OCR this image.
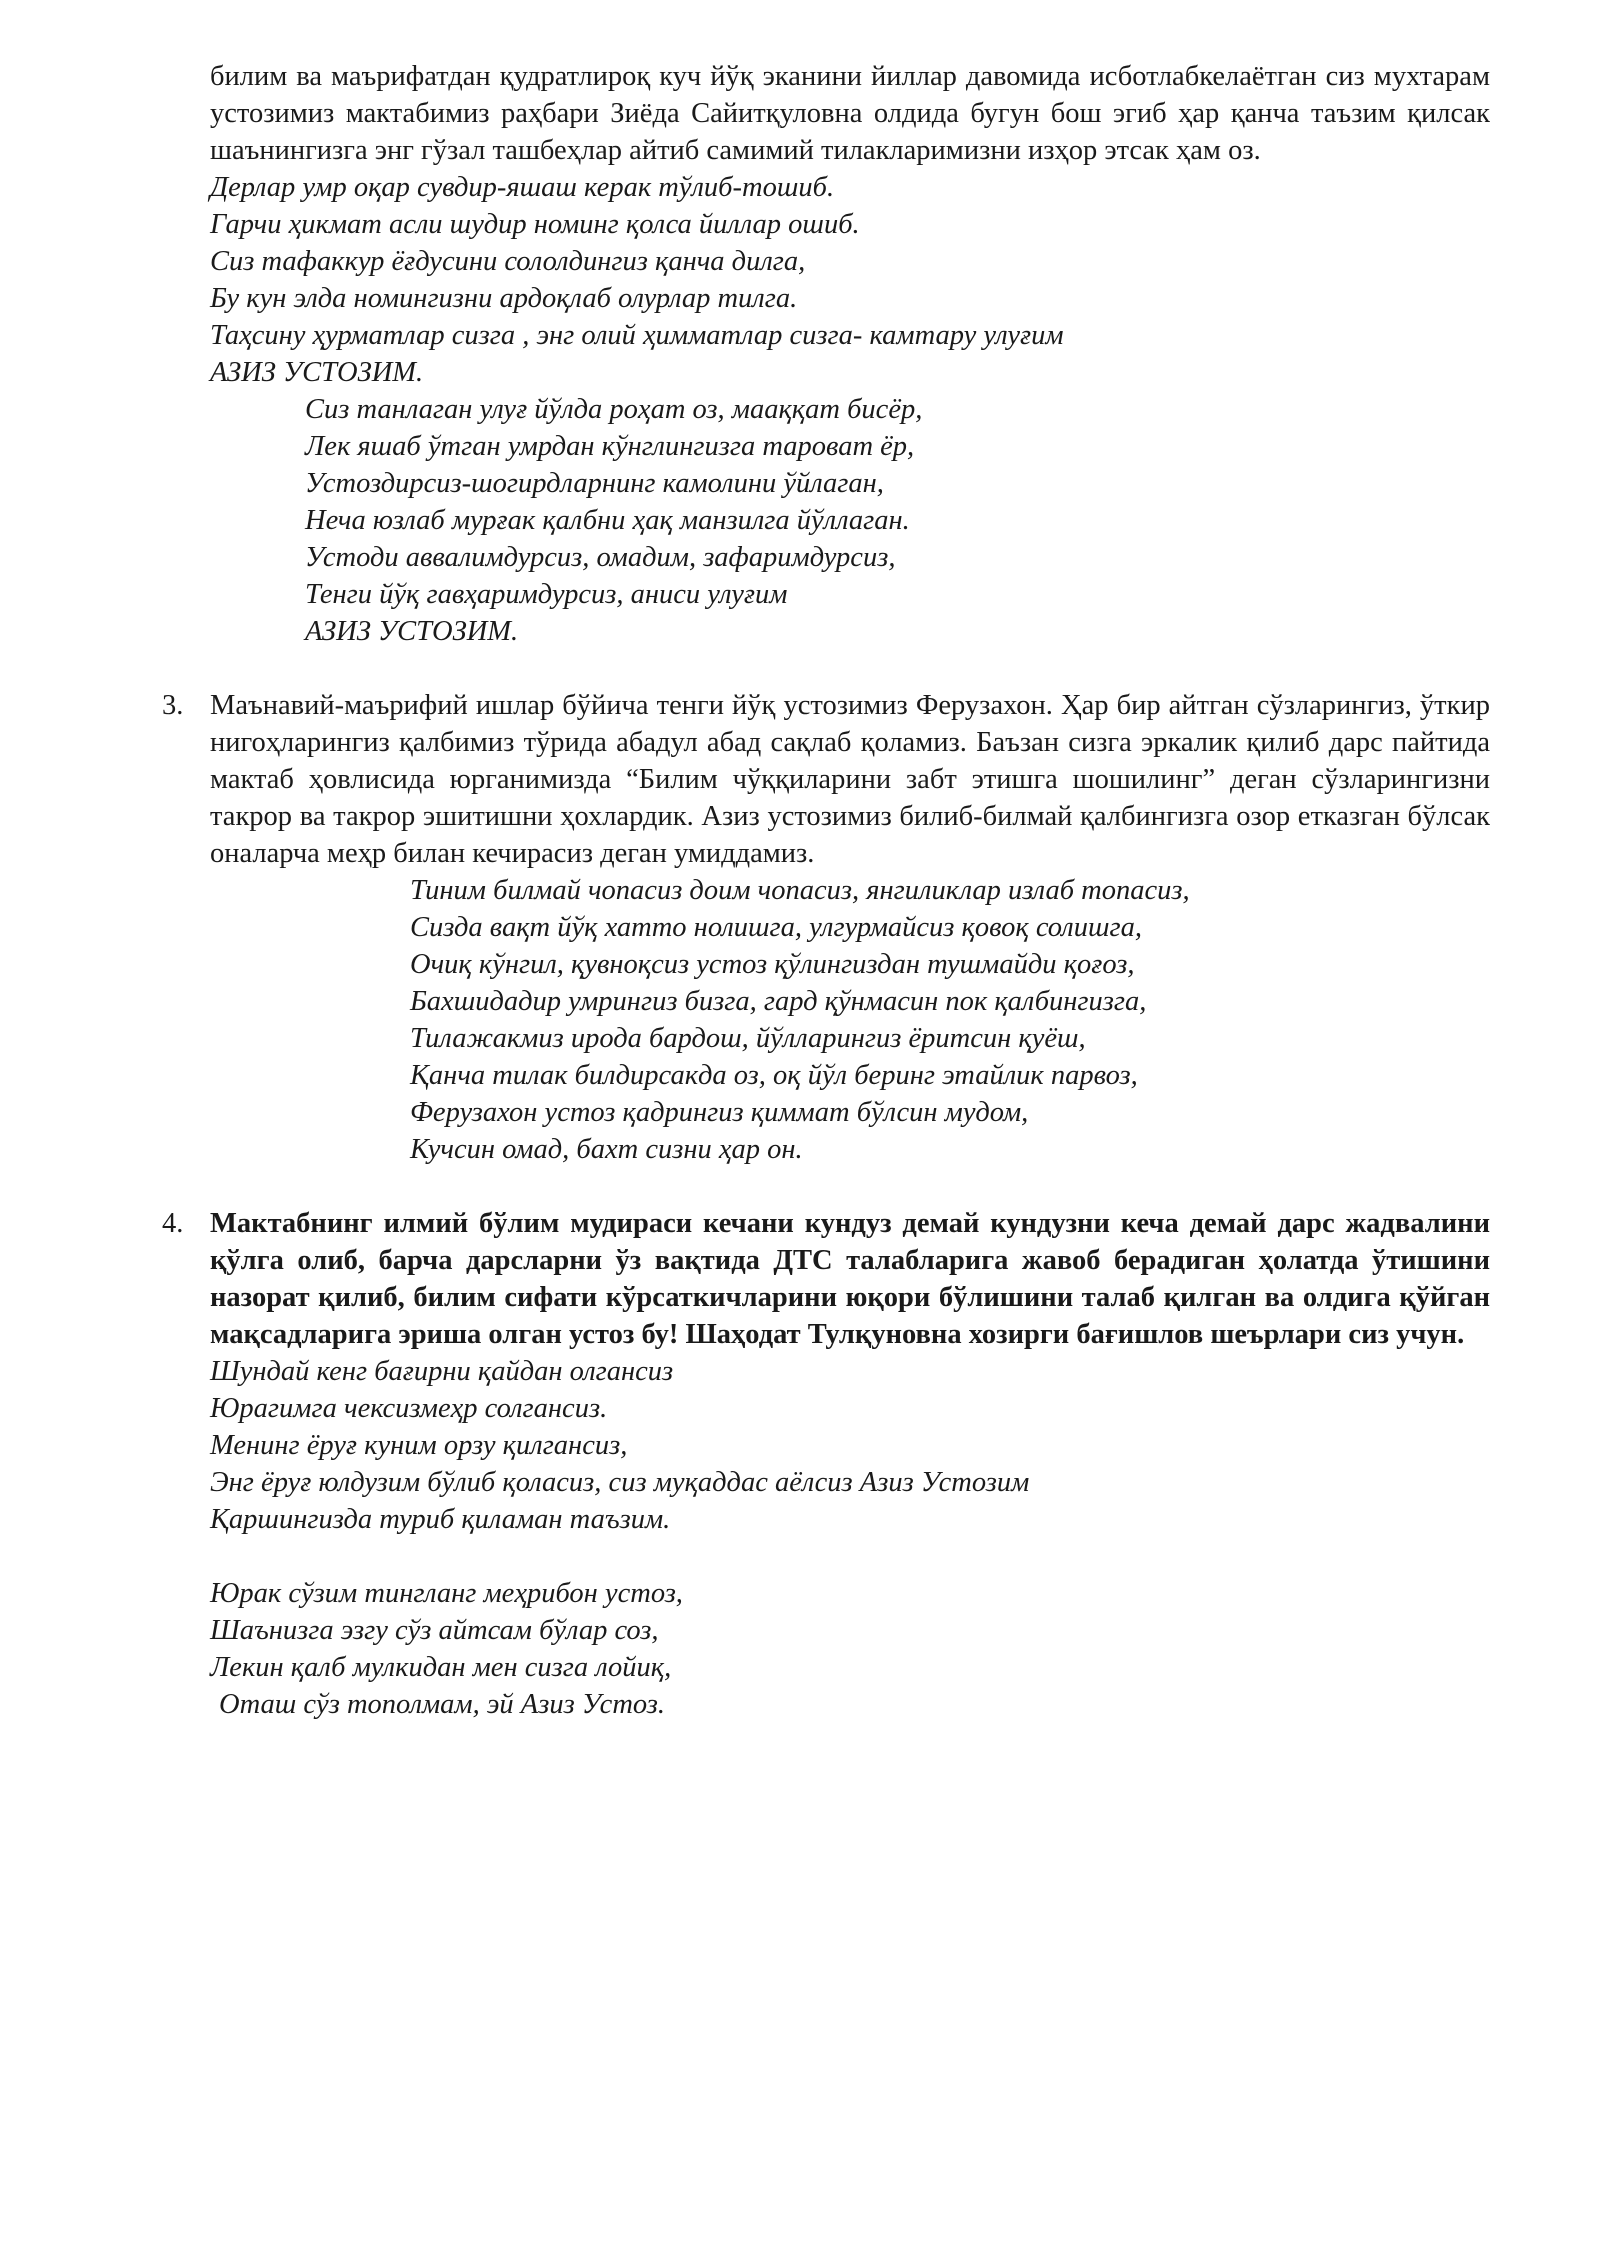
билим ва маърифатдан қудратлироқ куч йўқ эканини йиллар давомида исботлабкелаётган сиз мухтарам устозимиз мактабимиз раҳбари Зиёда Сайитқуловна олдида бугун бош эгиб ҳар қанча таъзим қилсак шаънингизга энг гўзал ташбеҳлар айтиб самимий тилакларимизни изҳор этсак ҳам оз.
Дерлар умр оқар сувдир-яшаш керак тўлиб-тошиб.
Гарчи ҳикмат асли шудир номинг қолса йиллар ошиб.
Сиз тафаккур ёғдусини сололдингиз қанча дилга,
Бу кун элда номингизни ардоқлаб олурлар тилга.
Таҳсину ҳурматлар сизга , энг олий ҳимматлар сизга- камтару улуғим
АЗИЗ УСТОЗИМ.
Сиз танлаган улуғ йўлда роҳат оз, мааққат бисёр,
Лек яшаб ўтган умрдан кўнглингизга тароват ёр,
Устоздирсиз-шогирдларнинг камолини ўйлаган,
Неча юзлаб мурғак қалбни ҳақ манзилга йўллаган.
Устоди аввалимдурсиз, омадим, зафаримдурсиз,
Тенги йўқ гавҳаримдурсиз, аниси улуғим
АЗИЗ УСТОЗИМ.
3. Маънавий-маърифий ишлар бўйича тенги йўқ устозимиз Ферузахон. Ҳар бир айтган сўзларингиз, ўткир нигоҳларингиз қалбимиз тўрида абадул абад сақлаб қоламиз. Баъзан сизга эркалик қилиб дарс пайтида мактаб ҳовлисида юрганимизда “Билим чўққиларини забт этишга шошилинг” деган сўзларингизни такрор ва такрор эшитишни ҳохлардик. Азиз устозимиз билиб-билмай қалбингизга озор етказган бўлсак оналарча меҳр билан кечирасиз деган умиддамиз.
Тиним билмай чопасиз доим чопасиз, янгиликлар излаб топасиз,
Сизда вақт йўқ хатто нолишга, улгурмайсиз қовоқ солишга,
Очиқ кўнгил, қувноқсиз устоз қўлингиздан тушмайди қоғоз,
Бахшидадир умрингиз бизга, гард қўнмасин пок қалбингизга,
Тилажакмиз ирода бардош, йўлларингиз ёритсин қуёш,
Қанча тилак билдирсакда оз, оқ йўл беринг этайлик парвоз,
Ферузахон устоз қадрингиз қиммат бўлсин мудом,
Кучсин омад, бахт сизни ҳар он.
4. Мактабнинг илмий бўлим мудираси кечани кундуз демай кундузни кеча демай дарс жадвалини қўлга олиб, барча дарсларни ўз вақтида ДТС талабларига жавоб берадиган ҳолатда ўтишини назорат қилиб, билим сифати кўрсаткичларини юқори бўлишини талаб қилган ва олдига қўйган мақсадларига эриша олган устоз бу! Шаҳодат Тулқуновна хозирги бағишлов шеърлари сиз учун.
Шундай кенг бағирни қайдан олгансиз
Юрагимга чексизмеҳр солгансиз.
Менинг ёруғ куним орзу қилгансиз,
Энг ёруғ юлдузим бўлиб қоласиз, сиз муқаддас аёлсиз Азиз Устозим
Қаршингизда туриб қиламан таъзим.
Юрак сўзим тингланг меҳрибон устоз,
Шаънизга эзгу сўз айтсам бўлар соз,
Лекин қалб мулкидан мен сизга лойиқ,
Оташ сўз тополмам, эй Азиз Устоз.
